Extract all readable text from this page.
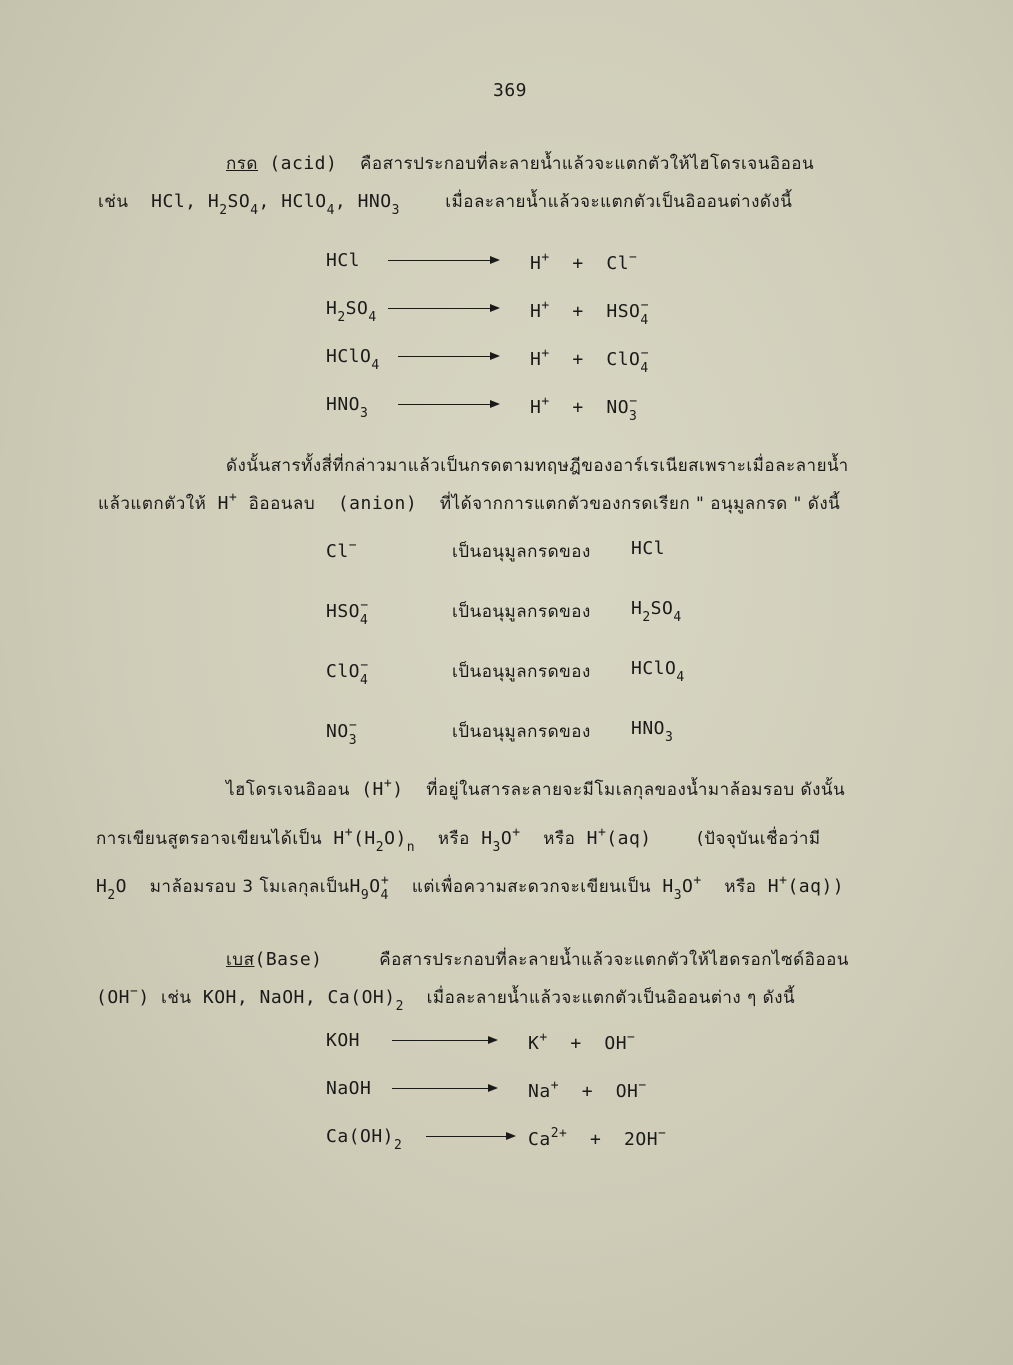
369
กรด (acid) คือสารประกอบที่ละลายน้ำแล้วจะแตกตัวให้ไฮโดรเจนอิออน
เช่น  HCl, $H_2SO_4$, HClO$_4$, $HNO_3$	เมื่อละลายน้ำแล้วจะแตกตัวเป็นอิออนต่างดังนี้
HCl	H+  +  Cl−
$H_2SO_4$	$H^+ + HSO_4^-$
HClO$_4$	H+  +  ClO$_4$−
$HNO_3$	$H^+ + NO_3^-$
ดังนั้นสารทั้งสี่ที่กล่าวมาแล้วเป็นกรดตามทฤษฎีของอาร์เรเนียสเพราะเมื่อละลายน้ำ
แล้วแตกตัวให้ H+ อิออนลบ (anion) ที่ได้จากการแตกตัวของกรดเรียก " อนุมูลกรด " ดังนี้
Cl−	เป็นอนุมูลกรดของ HCl
$HSO_4^-$	เป็นอนุมูลกรดของ $H_2SO_4$
ClO$_4$−	เป็นอนุมูลกรดของ HClO$_4$
$NO_3^-$	เป็นอนุมูลกรดของ $HNO_3$
ไฮโดรเจนอิออน (H+)  ที่อยู่ในสารละลายจะมีโมเลกุลของน้ำมาล้อมรอบ ดังนั้น
การเขียนสูตรอาจเขียนได้เป็น $H^+(H_2O)_n$ หรือ $H_3O^+$ หรือ H+(aq)    (ปัจจุบันเชื่อว่ามี
$H_2O$  มาล้อมรอบ 3 โมเลกุลเป็น$H_9O_4^+$ แต่เพื่อความสะดวกจะเขียนเป็น $H_3O^+$ หรือ H+(aq))
เบส(Base)	คือสารประกอบที่ละลายน้ำแล้วจะแตกตัวให้ไฮดรอกไซด์อิออน
(OH−) เช่น KOH, NaOH, $Ca(OH)_2$ เมื่อละลายน้ำแล้วจะแตกตัวเป็นอิออนต่าง ๆ ดังนี้
KOH	K+  +  OH−
NaOH	Na+  +  OH−
$Ca(OH)_2$	$Ca^{2+} + 2OH^-$
